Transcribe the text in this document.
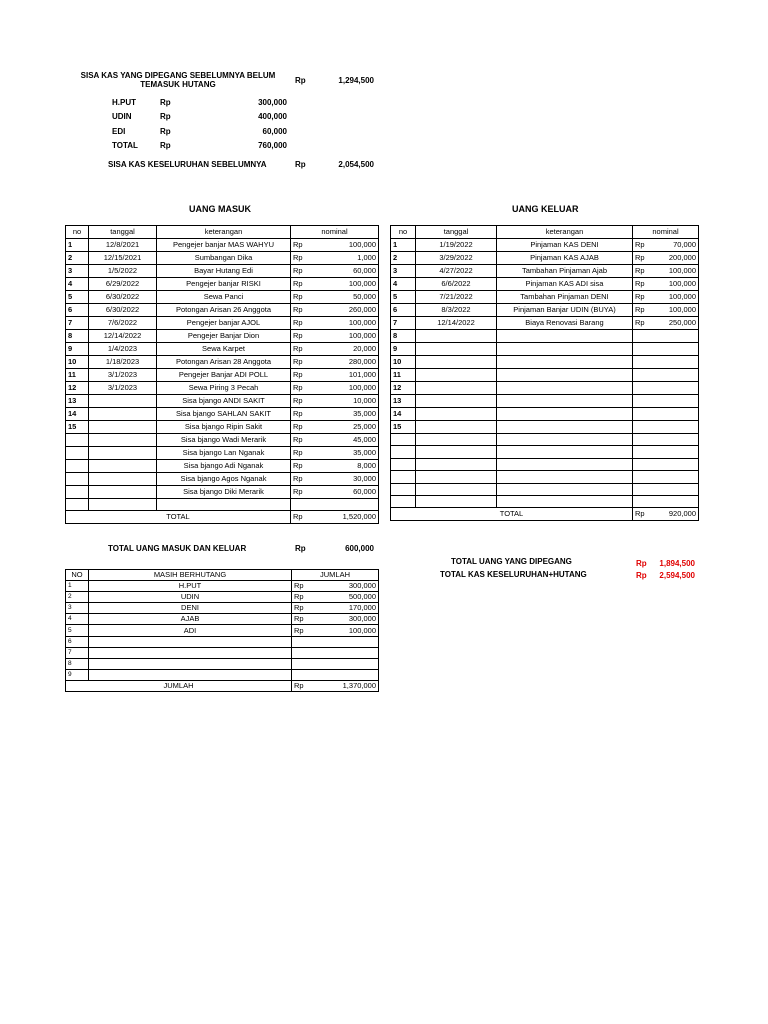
SISA KAS YANG DIPEGANG SEBELUMNYA BELUM
TEMASUK HUTANG	Rp	1,294,500
H.PUT	Rp	300,000
UDIN	Rp	400,000
EDI	Rp	60,000
TOTAL	Rp	760,000
SISA KAS KESELURUHAN SEBELUMNYA	Rp	2,054,500
UANG MASUK	UANG KELUAR
no	tanggal	keterangan	nominal	
1	12/8/2021	Pengejer banjar MAS WAHYU	Rp	100,000
2	12/15/2021	Sumbangan Dika	Rp	1,000
3	1/5/2022	Bayar Hutang Edi	Rp	60,000
4	6/29/2022	Pengejer banjar RISKI	Rp	100,000
5	6/30/2022	Sewa Panci	Rp	50,000
6	6/30/2022	Potongan Arisan 26 Anggota	Rp	260,000
7	7/6/2022	Pengejer banjar AJOL	Rp	100,000
8	12/14/2022	Pengejer Banjar Dion	Rp	100,000
9	1/4/2023	Sewa Karpet	Rp	20,000
10	1/18/2023	Potongan Arisan 28 Anggota	Rp	280,000
11	3/1/2023	Pengejer Banjar ADI POLL	Rp	101,000
12	3/1/2023	Sewa Piring 3 Pecah	Rp	100,000
13		Sisa bjango ANDI SAKIT	Rp	10,000
14		Sisa bjango SAHLAN SAKIT	Rp	35,000
15		Sisa bjango Ripin Sakit	Rp	25,000
		Sisa bjango Wadi Merarik	Rp	45,000
		Sisa bjango Lan Nganak	Rp	35,000
		Sisa bjango Adi Nganak	Rp	8,000
		Sisa bjango Agos Nganak	Rp	30,000
		Sisa bjango Diki Merarik	Rp	60,000

TOTAL			Rp	1,520,000
no	tanggal	keterangan	nominal	
1	1/19/2022	Pinjaman KAS DENI	Rp	70,000
2	3/29/2022	Pinjaman KAS AJAB	Rp	200,000
3	4/27/2022	Tambahan Pinjaman Ajab	Rp	100,000
4	6/6/2022	Pinjaman KAS ADI sisa	Rp	100,000
5	7/21/2022	Tambahan Pinjaman DENI	Rp	100,000
6	8/3/2022	Pinjaman Banjar UDIN (BUYA)	Rp	100,000
7	12/14/2022	Biaya Renovasi Barang	Rp	250,000
8				
9				
10				
11				
12				
13				
14				
15				

TOTAL			Rp	920,000
TOTAL UANG MASUK DAN KELUAR	Rp	600,000
TOTAL UANG YANG DIPEGANG	Rp	1,894,500
TOTAL KAS KESELURUHAN+HUTANG	Rp	2,594,500
NO	MASIH BERHUTANG	JUMLAH	
1	H.PUT	Rp	300,000
2	UDIN	Rp	500,000
3	DENI	Rp	170,000
4	AJAB	Rp	300,000
5	ADI	Rp	100,000
6			
7			
8			
9			
JUMLAH		Rp	1,370,000
